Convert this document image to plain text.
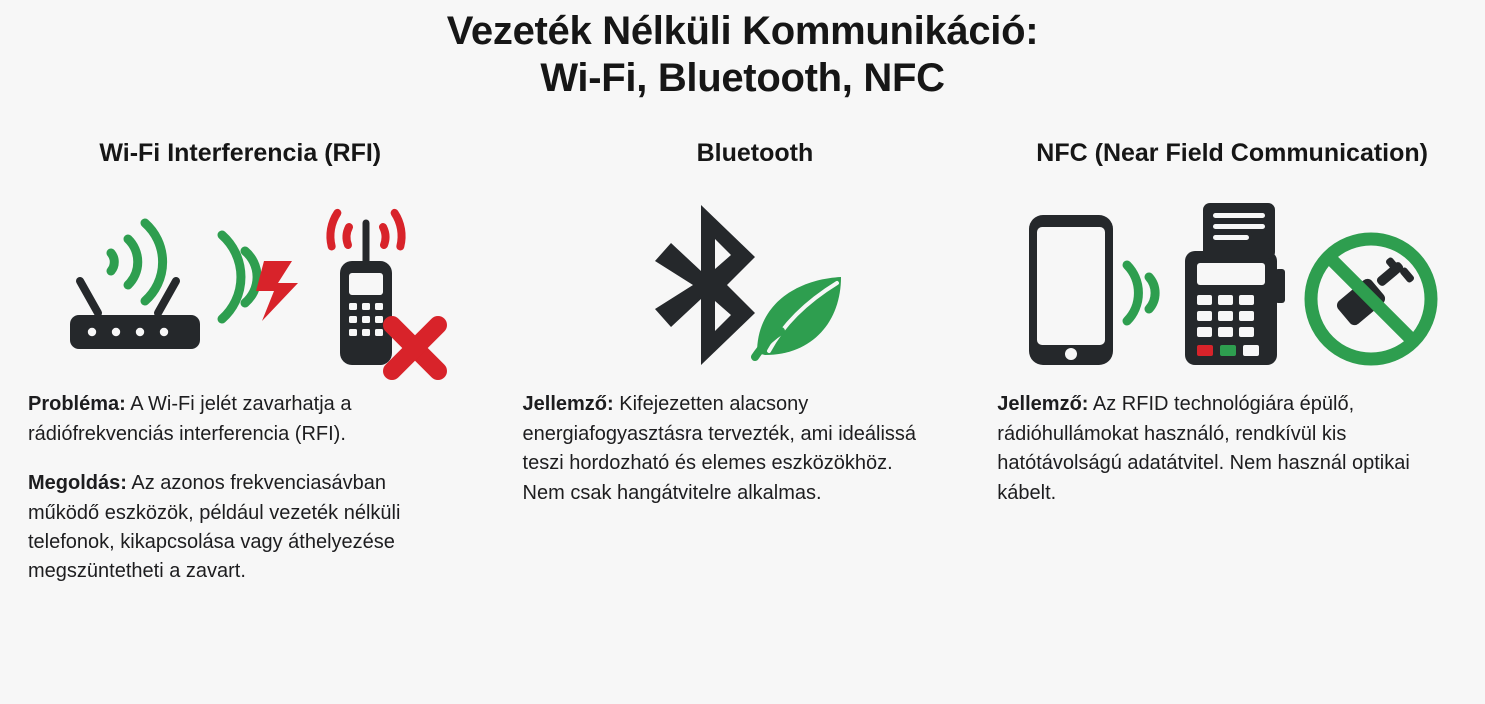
Vezeték Nélküli Kommunikáció:
Wi-Fi, Bluetooth, NFC
Wi-Fi Interferencia (RFI)

Probléma: A Wi-Fi jelét zavarhatja a rádiófrekvenciás interferencia (RFI).

Megoldás: Az azonos frekvenciasávban működő eszközök, például vezeték nélküli telefonok, kikapcsolása vagy áthelyezése megszüntetheti a zavart.

Bluetooth

Jellemző: Kifejezetten alacsony energiafogyasztásra tervezték, ami ideálissá teszi hordozható és elemes eszközökhöz. Nem csak hangátvitelre alkalmas.

NFC (Near Field Communication)

Jellemző: Az RFID technológiára épülő, rádióhullámokat használó, rendkívül kis hatótávolságú adatátvitel. Nem használ optikai kábelt.
